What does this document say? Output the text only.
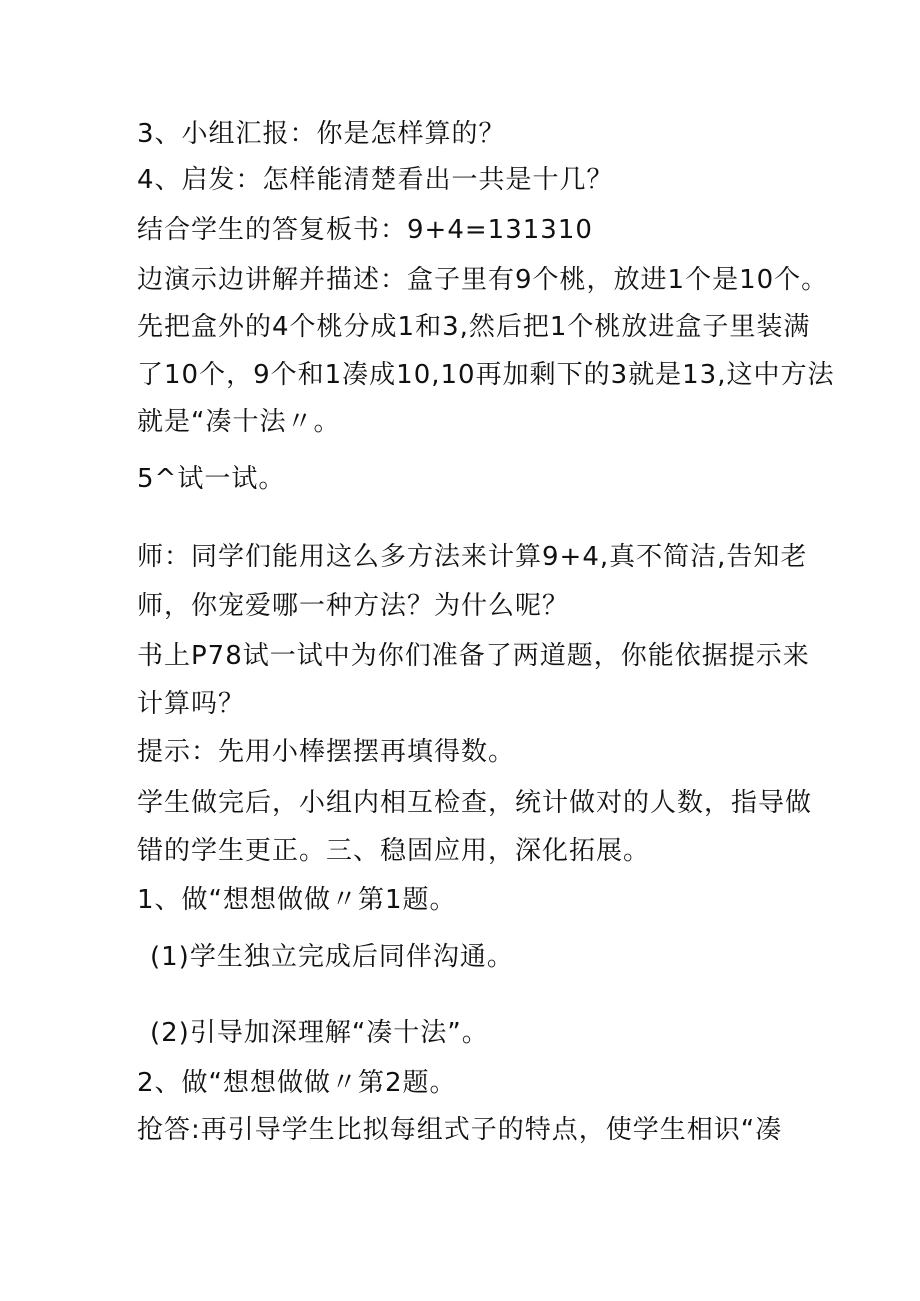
3、小组汇报：你是怎样算的？
4、启发：怎样能清楚看出一共是十几？
结合学生的答复板书：9+4=131310
边演示边讲解并描述：盒子里有9个桃，放进1个是10个。
先把盒外的4个桃分成1和3,然后把1个桃放进盒子里装满
了10个，9个和1凑成10,10再加剩下的3就是13,这中方法
就是“凑十法〃。
5^试一试。
师：同学们能用这么多方法来计算9+4,真不简洁,告知老
师，你宠爱哪一种方法？为什么呢？
书上P78试一试中为你们准备了两道题，你能依据提示来
计算吗？
提示：先用小棒摆摆再填得数。
学生做完后，小组内相互检查，统计做对的人数，指导做
错的学生更正。三、稳固应用，深化拓展。
1、做“想想做做〃第1题。
(1)学生独立完成后同伴沟通。
(2)引导加深理解“凑十法”。
2、做“想想做做〃第2题。
抢答:再引导学生比拟每组式子的特点，使学生相识“凑
